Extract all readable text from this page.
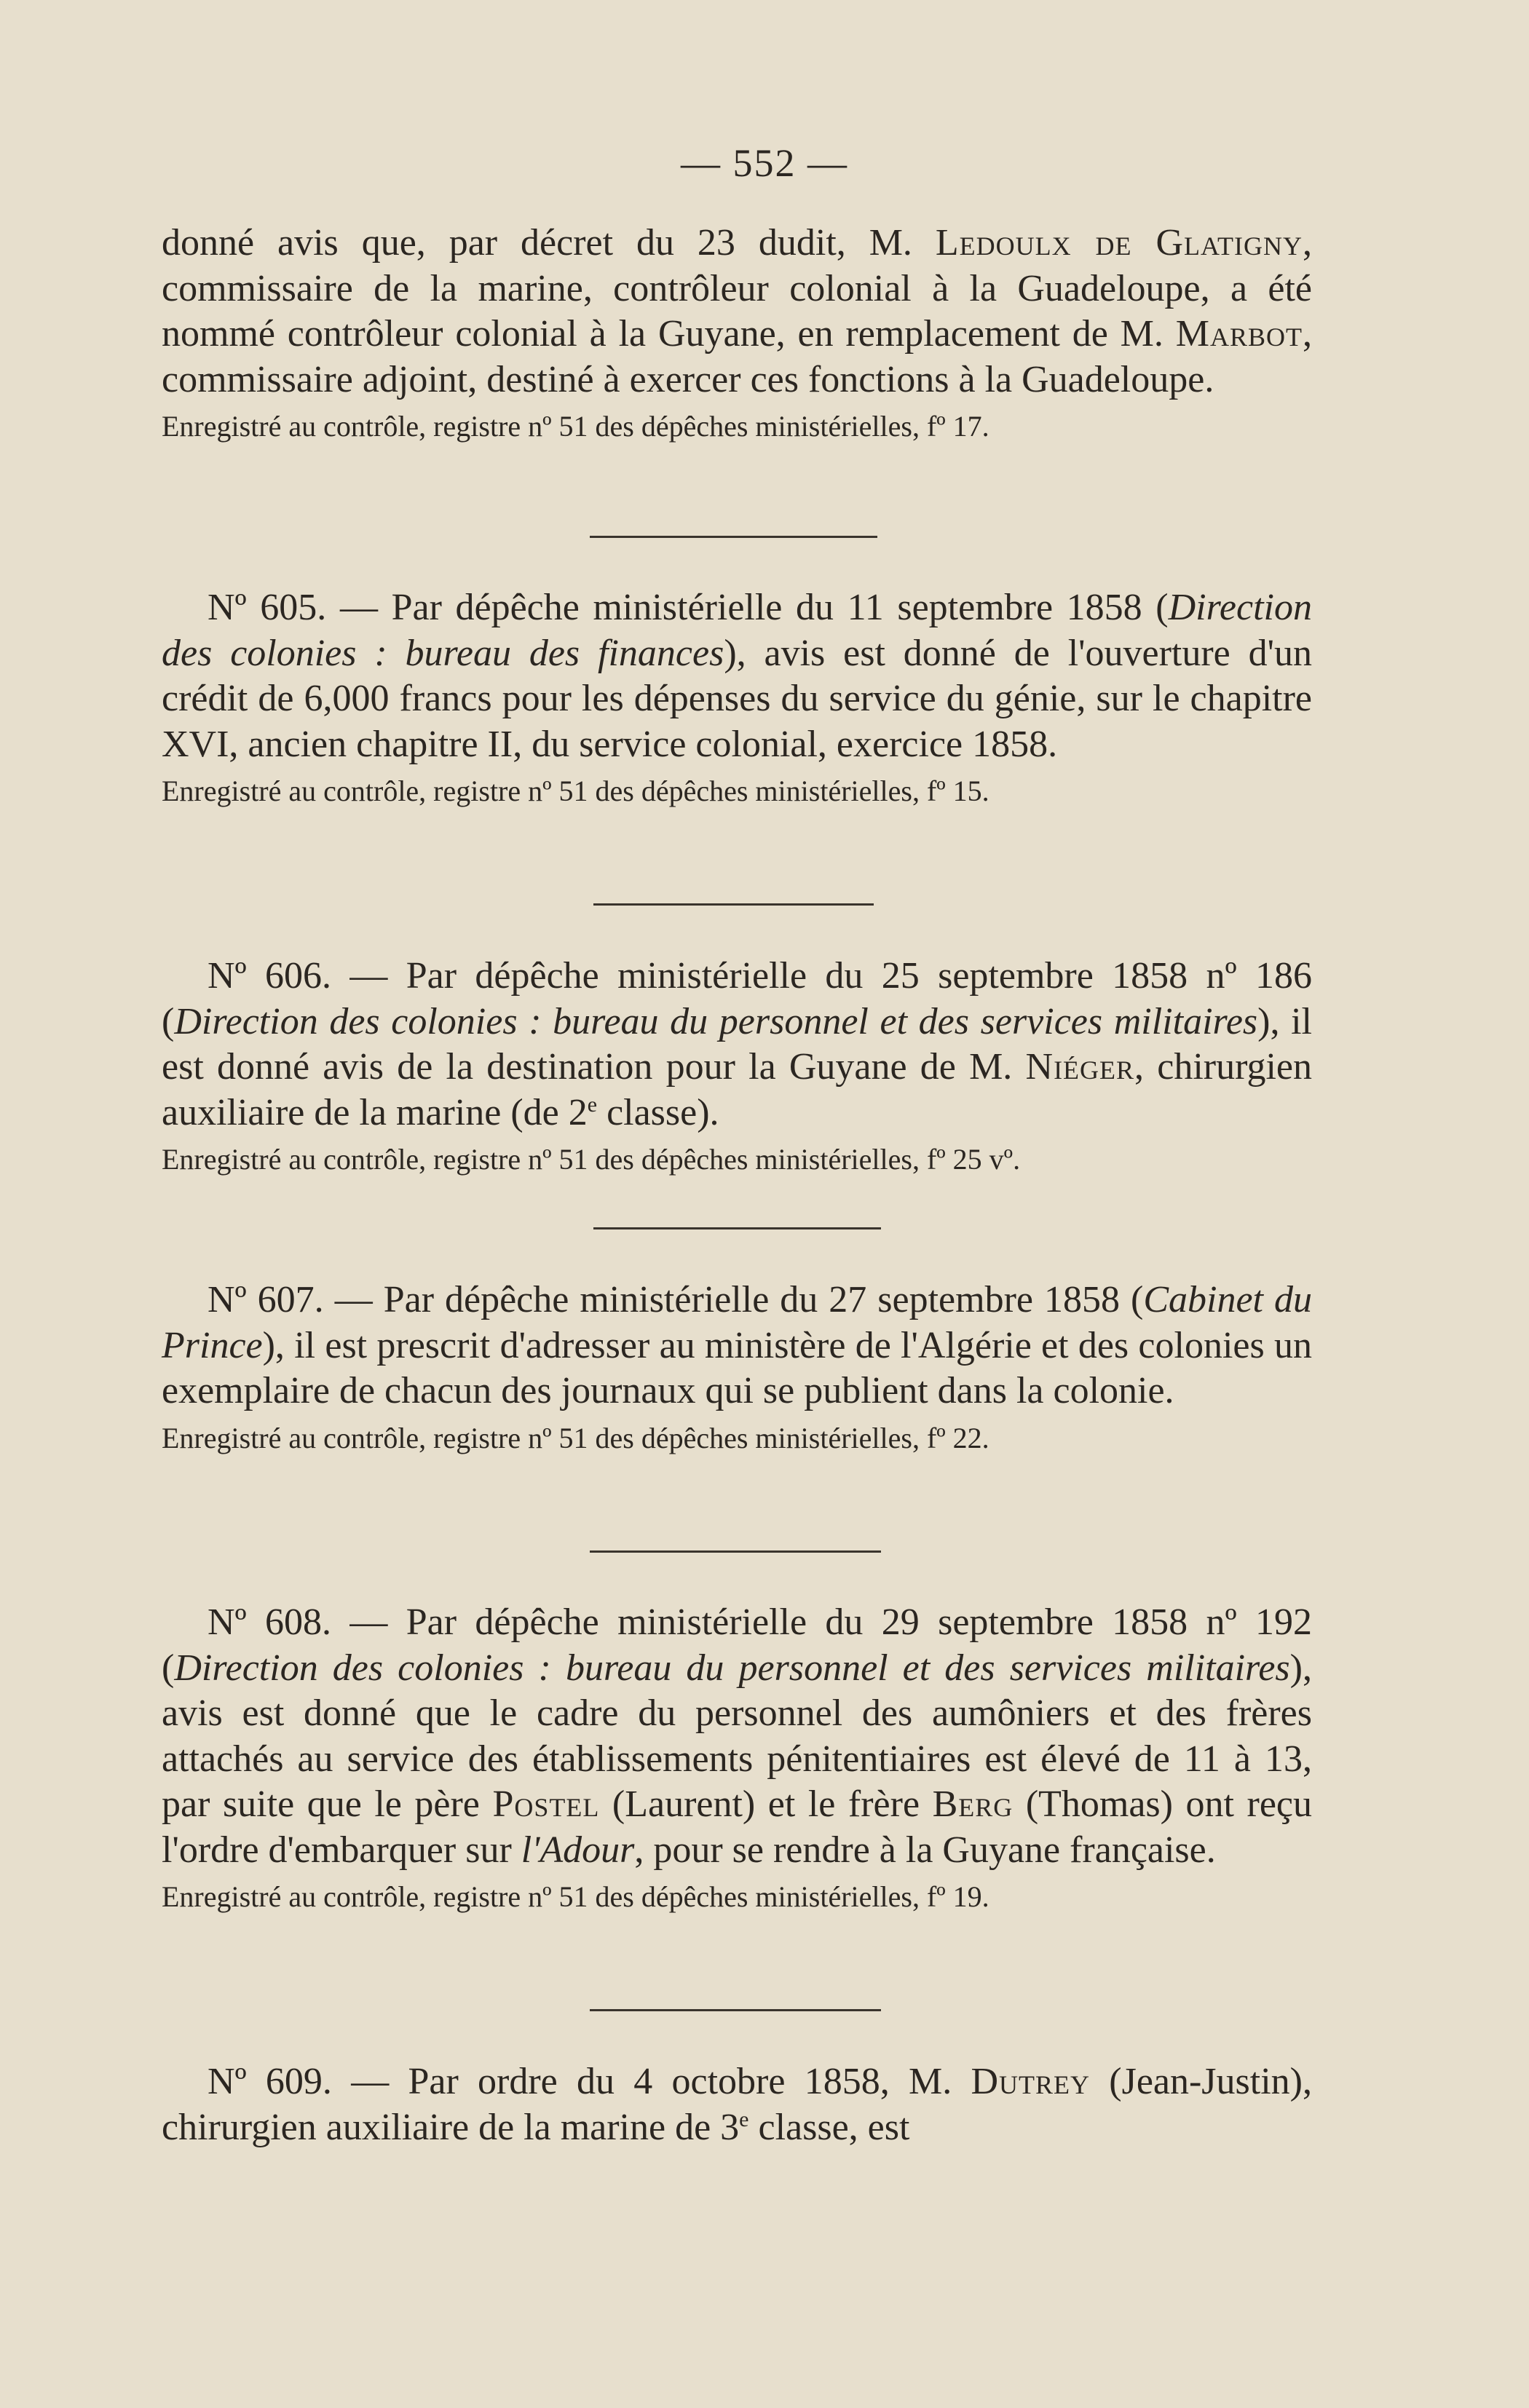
— 552 —

donné avis que, par décret du 23 dudit, M. Ledoulx de Glatigny, commissaire de la marine, contrôleur colonial à la Guadeloupe, a été nommé contrôleur colonial à la Guyane, en remplacement de M. Marbot, commissaire adjoint, destiné à exercer ces fonctions à la Guadeloupe.

Enregistré au contrôle, registre nº 51 des dépêches ministérielles, fº 17.

Nº 605. — Par dépêche ministérielle du 11 septembre 1858 (Direction des colonies : bureau des finances), avis est donné de l'ouverture d'un crédit de 6,000 francs pour les dépenses du service du génie, sur le chapitre XVI, ancien chapitre II, du service colonial, exercice 1858.

Enregistré au contrôle, registre nº 51 des dépêches ministérielles, fº 15.

Nº 606. — Par dépêche ministérielle du 25 septembre 1858 nº 186 (Direction des colonies : bureau du personnel et des services militaires), il est donné avis de la destination pour la Guyane de M. Niéger, chirurgien auxiliaire de la marine (de 2e classe).

Enregistré au contrôle, registre nº 51 des dépêches ministérielles, fº 25 vº.

Nº 607. — Par dépêche ministérielle du 27 septembre 1858 (Cabinet du Prince), il est prescrit d'adresser au ministère de l'Algérie et des colonies un exemplaire de chacun des journaux qui se publient dans la colonie.

Enregistré au contrôle, registre nº 51 des dépêches ministérielles, fº 22.

Nº 608. — Par dépêche ministérielle du 29 septembre 1858 nº 192 (Direction des colonies : bureau du personnel et des services militaires), avis est donné que le cadre du personnel des aumôniers et des frères attachés au service des établissements pénitentiaires est élevé de 11 à 13, par suite que le père Postel (Laurent) et le frère Berg (Thomas) ont reçu l'ordre d'embarquer sur l'Adour, pour se rendre à la Guyane française.

Enregistré au contrôle, registre nº 51 des dépêches ministérielles, fº 19.

Nº 609. — Par ordre du 4 octobre 1858, M. Dutrey (Jean-Justin), chirurgien auxiliaire de la marine de 3e classe, est
